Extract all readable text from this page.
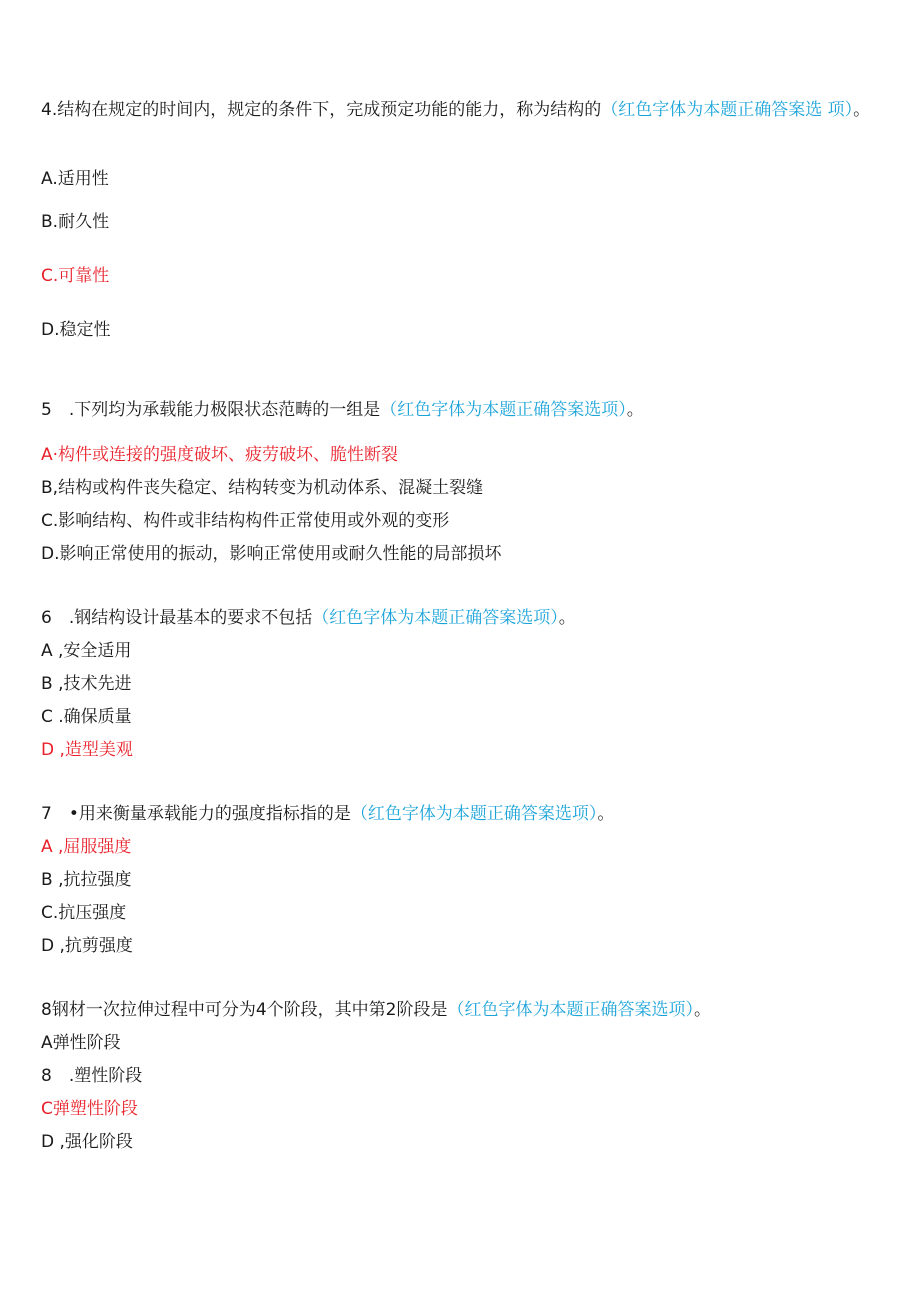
4.结构在规定的时间内，规定的条件下，完成预定功能的能力，称为结构的（红色字体为本题正确答案选 项）。
A.适用性
B.耐久性
C.可靠性
D.稳定性
5　.下列均为承载能力极限状态范畴的一组是（红色字体为本题正确答案选项）。
A·构件或连接的强度破坏、疲劳破坏、脆性断裂
B,结构或构件丧失稳定、结构转变为机动体系、混凝土裂缝
C.影响结构、构件或非结构构件正常使用或外观的变形
D.影响正常使用的振动，影响正常使用或耐久性能的局部损坏
6　.钢结构设计最基本的要求不包括（红色字体为本题正确答案选项）。
A ,安全适用
B ,技术先进
C .确保质量
D ,造型美观
7　•用来衡量承载能力的强度指标指的是（红色字体为本题正确答案选项）。
A ,屈服强度
B ,抗拉强度
C.抗压强度
D ,抗剪强度
8钢材一次拉伸过程中可分为4个阶段，其中第2阶段是（红色字体为本题正确答案选项）。
A弹性阶段
8　.塑性阶段
C弹塑性阶段
D ,强化阶段
